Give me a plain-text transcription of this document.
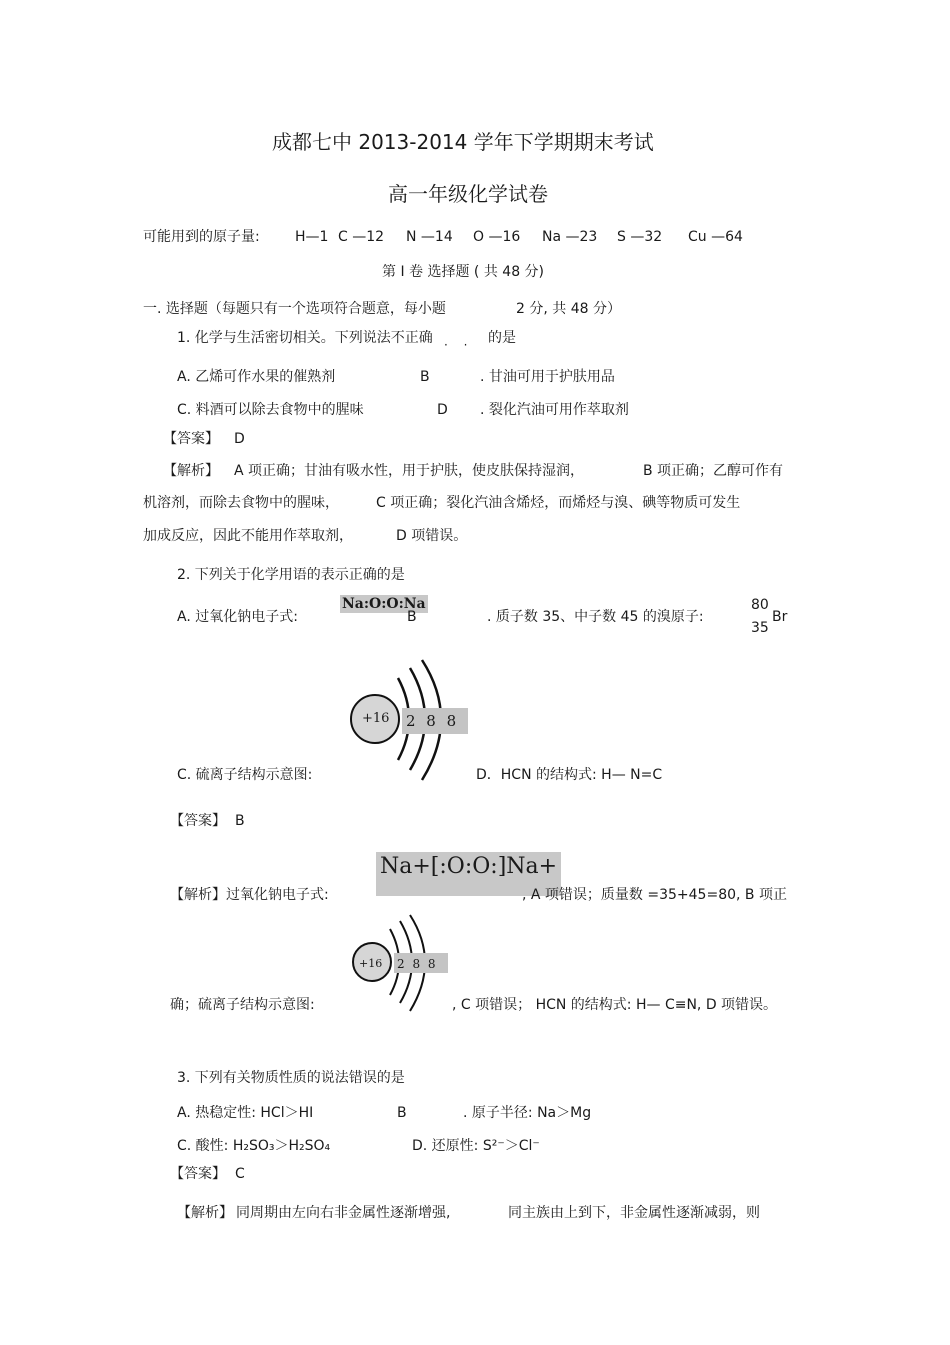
成都七中 2013-2014 学年下学期期末考试
高一年级化学试卷
可能用到的原子量:	H—1 C —12 N —14 O —16 Na —23 S —32 Cu —64
第 I 卷 选择题 ( 共 48 分)
一. 选择题（每题只有一个选项符合题意，每小题	2 分, 共 48 分）
1. 化学与生活密切相关。下列说法不正确 · · 的是
A. 乙烯可作水果的催熟剂	B	. 甘油可用于护肤用品
C. 料酒可以除去食物中的腥味	D . 裂化汽油可用作萃取剂
【答案】 D
【解析】 A 项正确；甘油有吸水性，用于护肤，使皮肤保持湿润，	B 项正确；乙醇可作有
机溶剂，而除去食物中的腥味，	C 项正确；裂化汽油含烯烃，而烯烃与溴、碘等物质可发生
加成反应，因此不能用作萃取剂，	D 项错误。
2. 下列关于化学用语的表示正确的是
A. 过氧化钠电子式:
Na:O:O:Na
B	. 质子数 35、中子数 45 的溴原子:
80
35
Br
+16 2 8 8
C. 硫离子结构示意图:	D．HCN 的结构式: H— N=C
【答案】 B
【解析】过氧化钠电子式:
Na+[:O:O:]Na+
, A 项错误；质量数 =35+45=80, B 项正
+16 2 8 8
确；硫离子结构示意图:	, C 项错误； HCN 的结构式: H— C≡N, D 项错误。
3. 下列有关物质性质的说法错误的是
A. 热稳定性: HCl＞HI	B	. 原子半径: Na＞Mg
C. 酸性: H₂SO₃＞H₂SO₄	D. 还原性: S²⁻＞Cl⁻
【答案】 C
【解析】 同周期由左向右非金属性逐渐增强,	同主族由上到下，非金属性逐渐减弱，则
